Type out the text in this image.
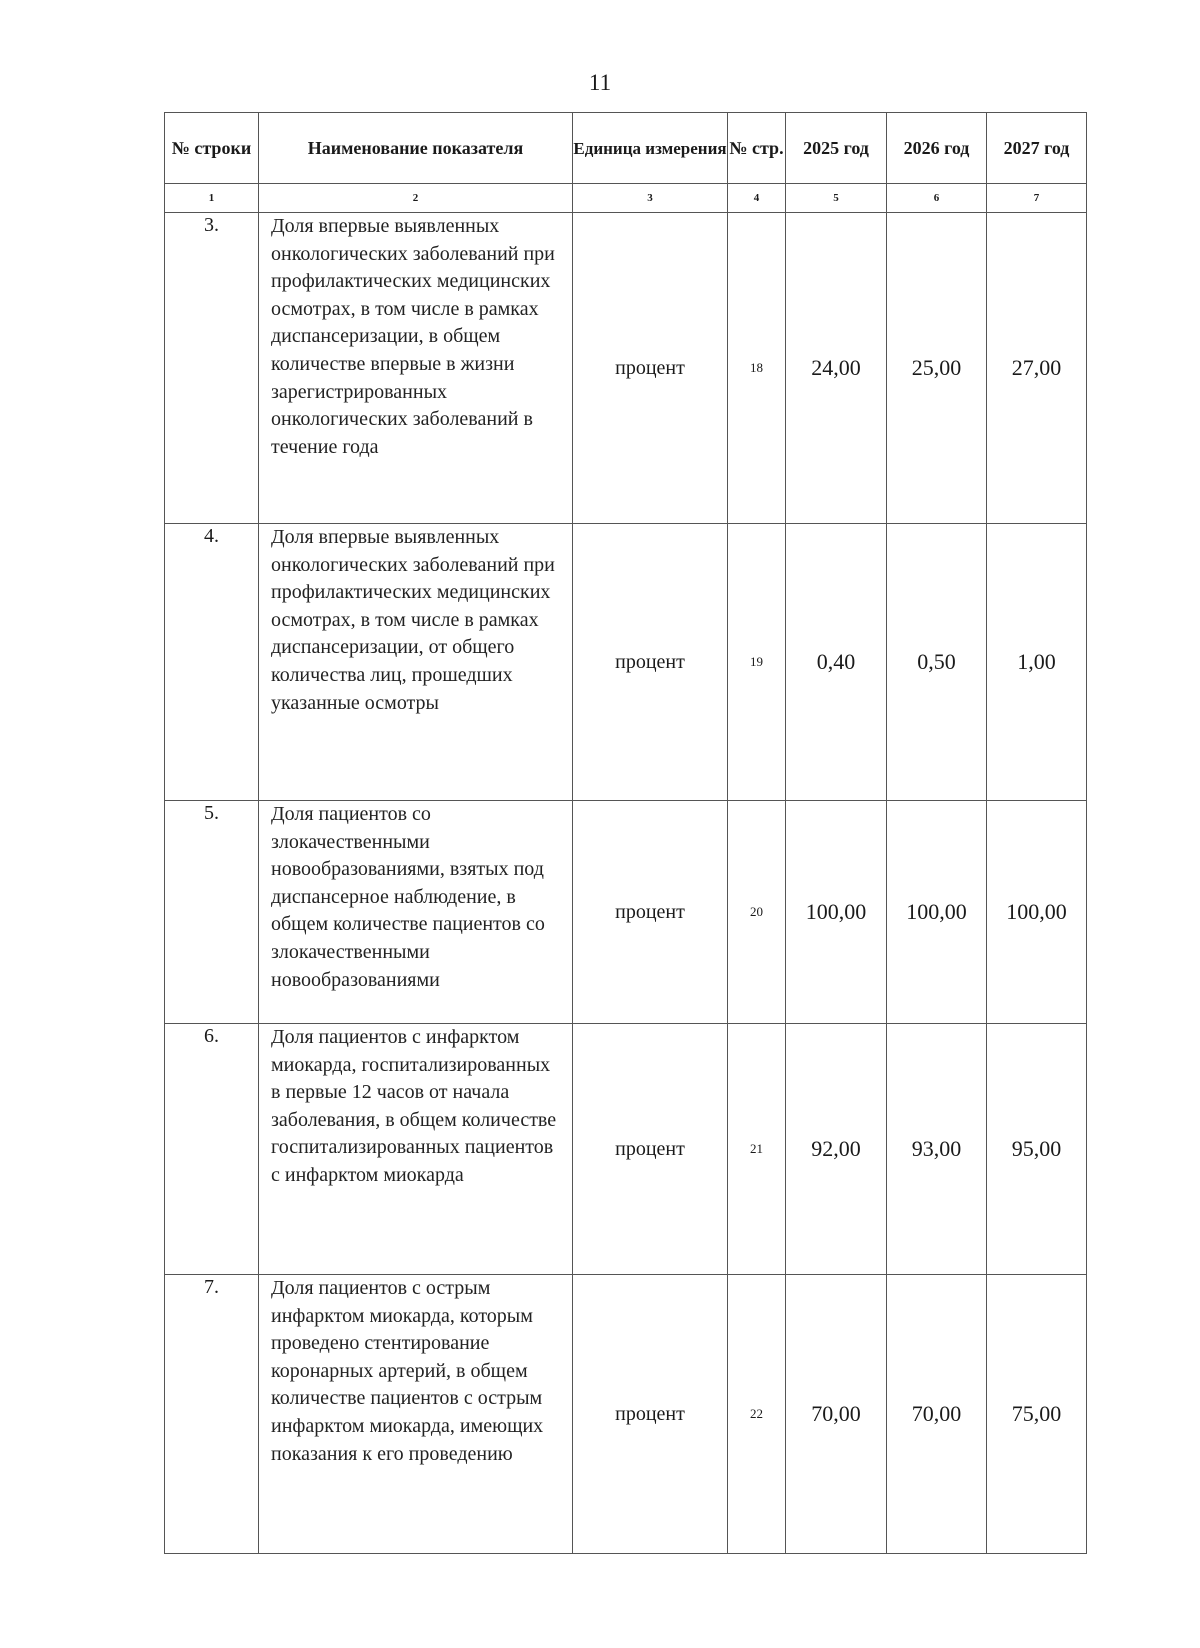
11
№ строки	Наименование показателя	Единица измерения	№ стр.	2025 год	2026 год	2027 год
1	2	3	4	5	6	7
3.	Доля впервые выявленных онкологических заболеваний при профилактических медицинских осмотрах, в том числе в рамках диспансеризации, в общем количестве впервые в жизни зарегистрированных онкологических заболеваний в течение года	процент	18	24,00	25,00	27,00
4.	Доля впервые выявленных онкологических заболеваний при профилактических медицинских осмотрах, в том числе в рамках диспансеризации, от общего количества лиц, прошедших указанные осмотры	процент	19	0,40	0,50	1,00
5.	Доля пациентов со злокачественными новообразованиями, взятых под диспансерное наблюдение, в общем количестве пациентов со злокачественными новообразованиями	процент	20	100,00	100,00	100,00
6.	Доля пациентов с инфарктом миокарда, госпитализированных в первые 12 часов от начала заболевания, в общем количестве госпитализированных пациентов с инфарктом миокарда	процент	21	92,00	93,00	95,00
7.	Доля пациентов с острым инфарктом миокарда, которым проведено стентирование коронарных артерий, в общем количестве пациентов с острым инфарктом миокарда, имеющих показания к его проведению	процент	22	70,00	70,00	75,00
